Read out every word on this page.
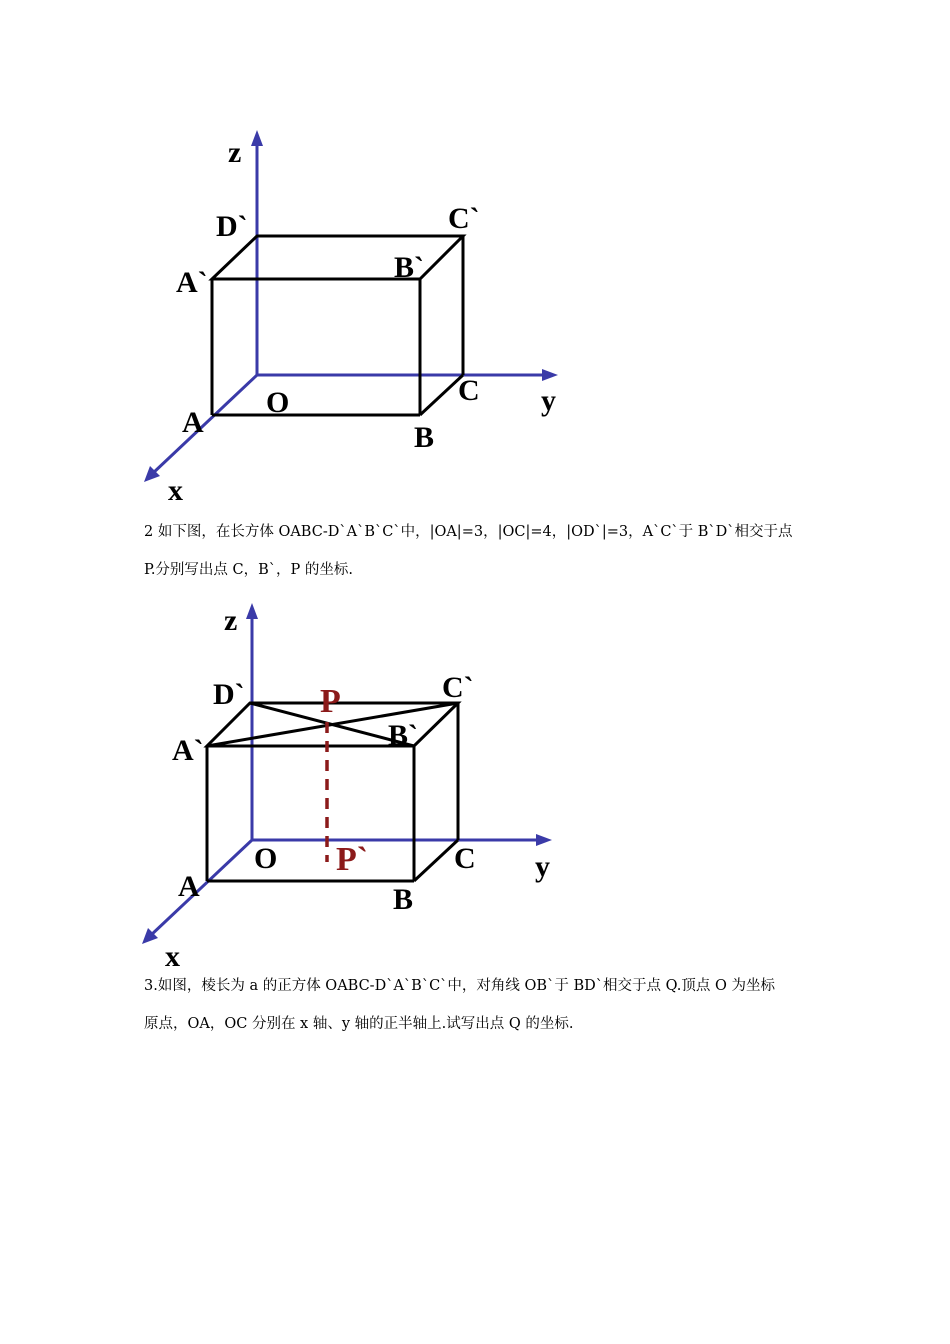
z
D`	C`
A`	B`
O	C y
A	B
x
2 如下图，在长方体 OABC-D`A`B`C`中，|OA|=3，|OC|=4，|OD`|=3，A`C`于 B`D`相交于点
P.分别写出点 C，B`，P 的坐标.
z
D` P	C`
A`	B`
O P`	C y
A	B
x
3.如图，棱长为 a 的正方体 OABC-D`A`B`C`中，对角线 OB`于 BD`相交于点 Q.顶点 O 为坐标
原点，OA，OC 分别在 x 轴、y 轴的正半轴上.试写出点 Q 的坐标.
